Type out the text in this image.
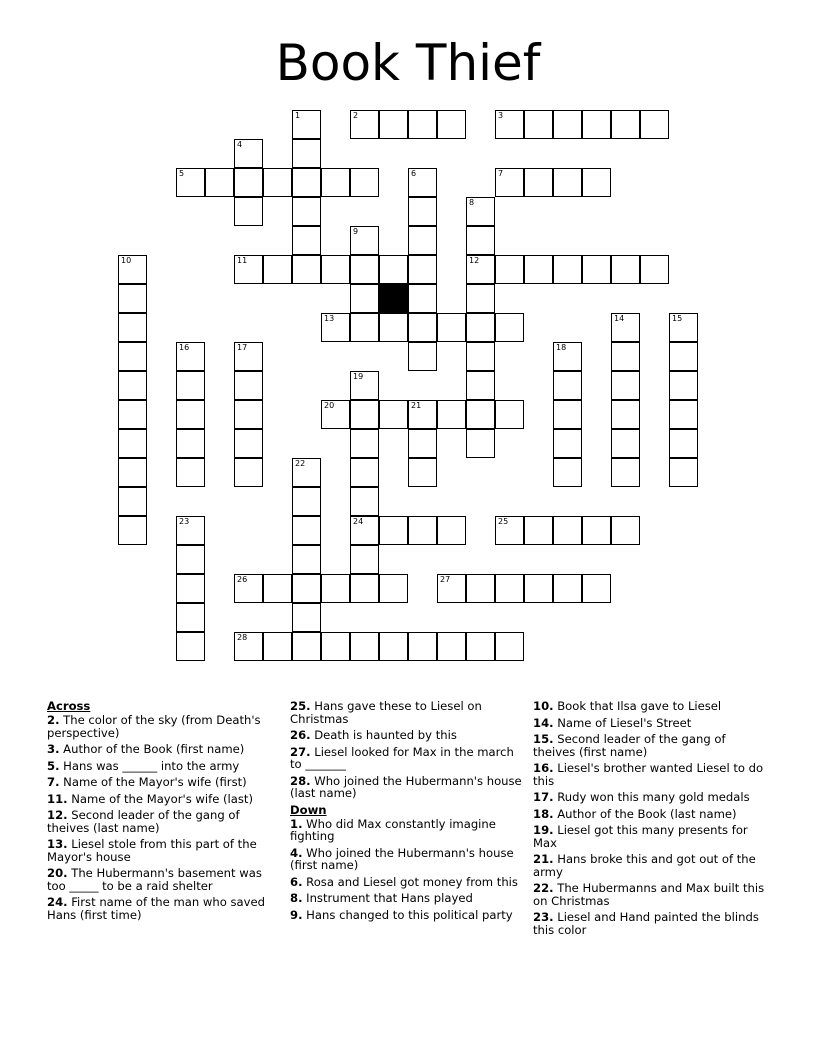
Book Thief
1	2	3
4
5	6	7
8
9
10	11	12
13	14	15
16	17	18
19
20	21
22
23	24	25
26	27
28
Across
2. The color of the sky (from Death's perspective)
3. Author of the Book (first name)
5. Hans was ______ into the army
7. Name of the Mayor's wife (first)
11. Name of the Mayor's wife (last)
12. Second leader of the gang of theives (last name)
13. Liesel stole from this part of the Mayor's house
20. The Hubermann's basement was too _____ to be a raid shelter
24. First name of the man who saved Hans (first time)
25. Hans gave these to Liesel on Christmas
26. Death is haunted by this
27. Liesel looked for Max in the march to _______
28. Who joined the Hubermann's house (last name)
Down
1. Who did Max constantly imagine fighting
4. Who joined the Hubermann's house (first name)
6. Rosa and Liesel got money from this
8. Instrument that Hans played
9. Hans changed to this political party
10. Book that Ilsa gave to Liesel
14. Name of Liesel's Street
15. Second leader of the gang of theives (first name)
16. Liesel's brother wanted Liesel to do this
17. Rudy won this many gold medals
18. Author of the Book (last name)
19. Liesel got this many presents for Max
21. Hans broke this and got out of the army
22. The Hubermanns and Max built this on Christmas
23. Liesel and Hand painted the blinds this color
